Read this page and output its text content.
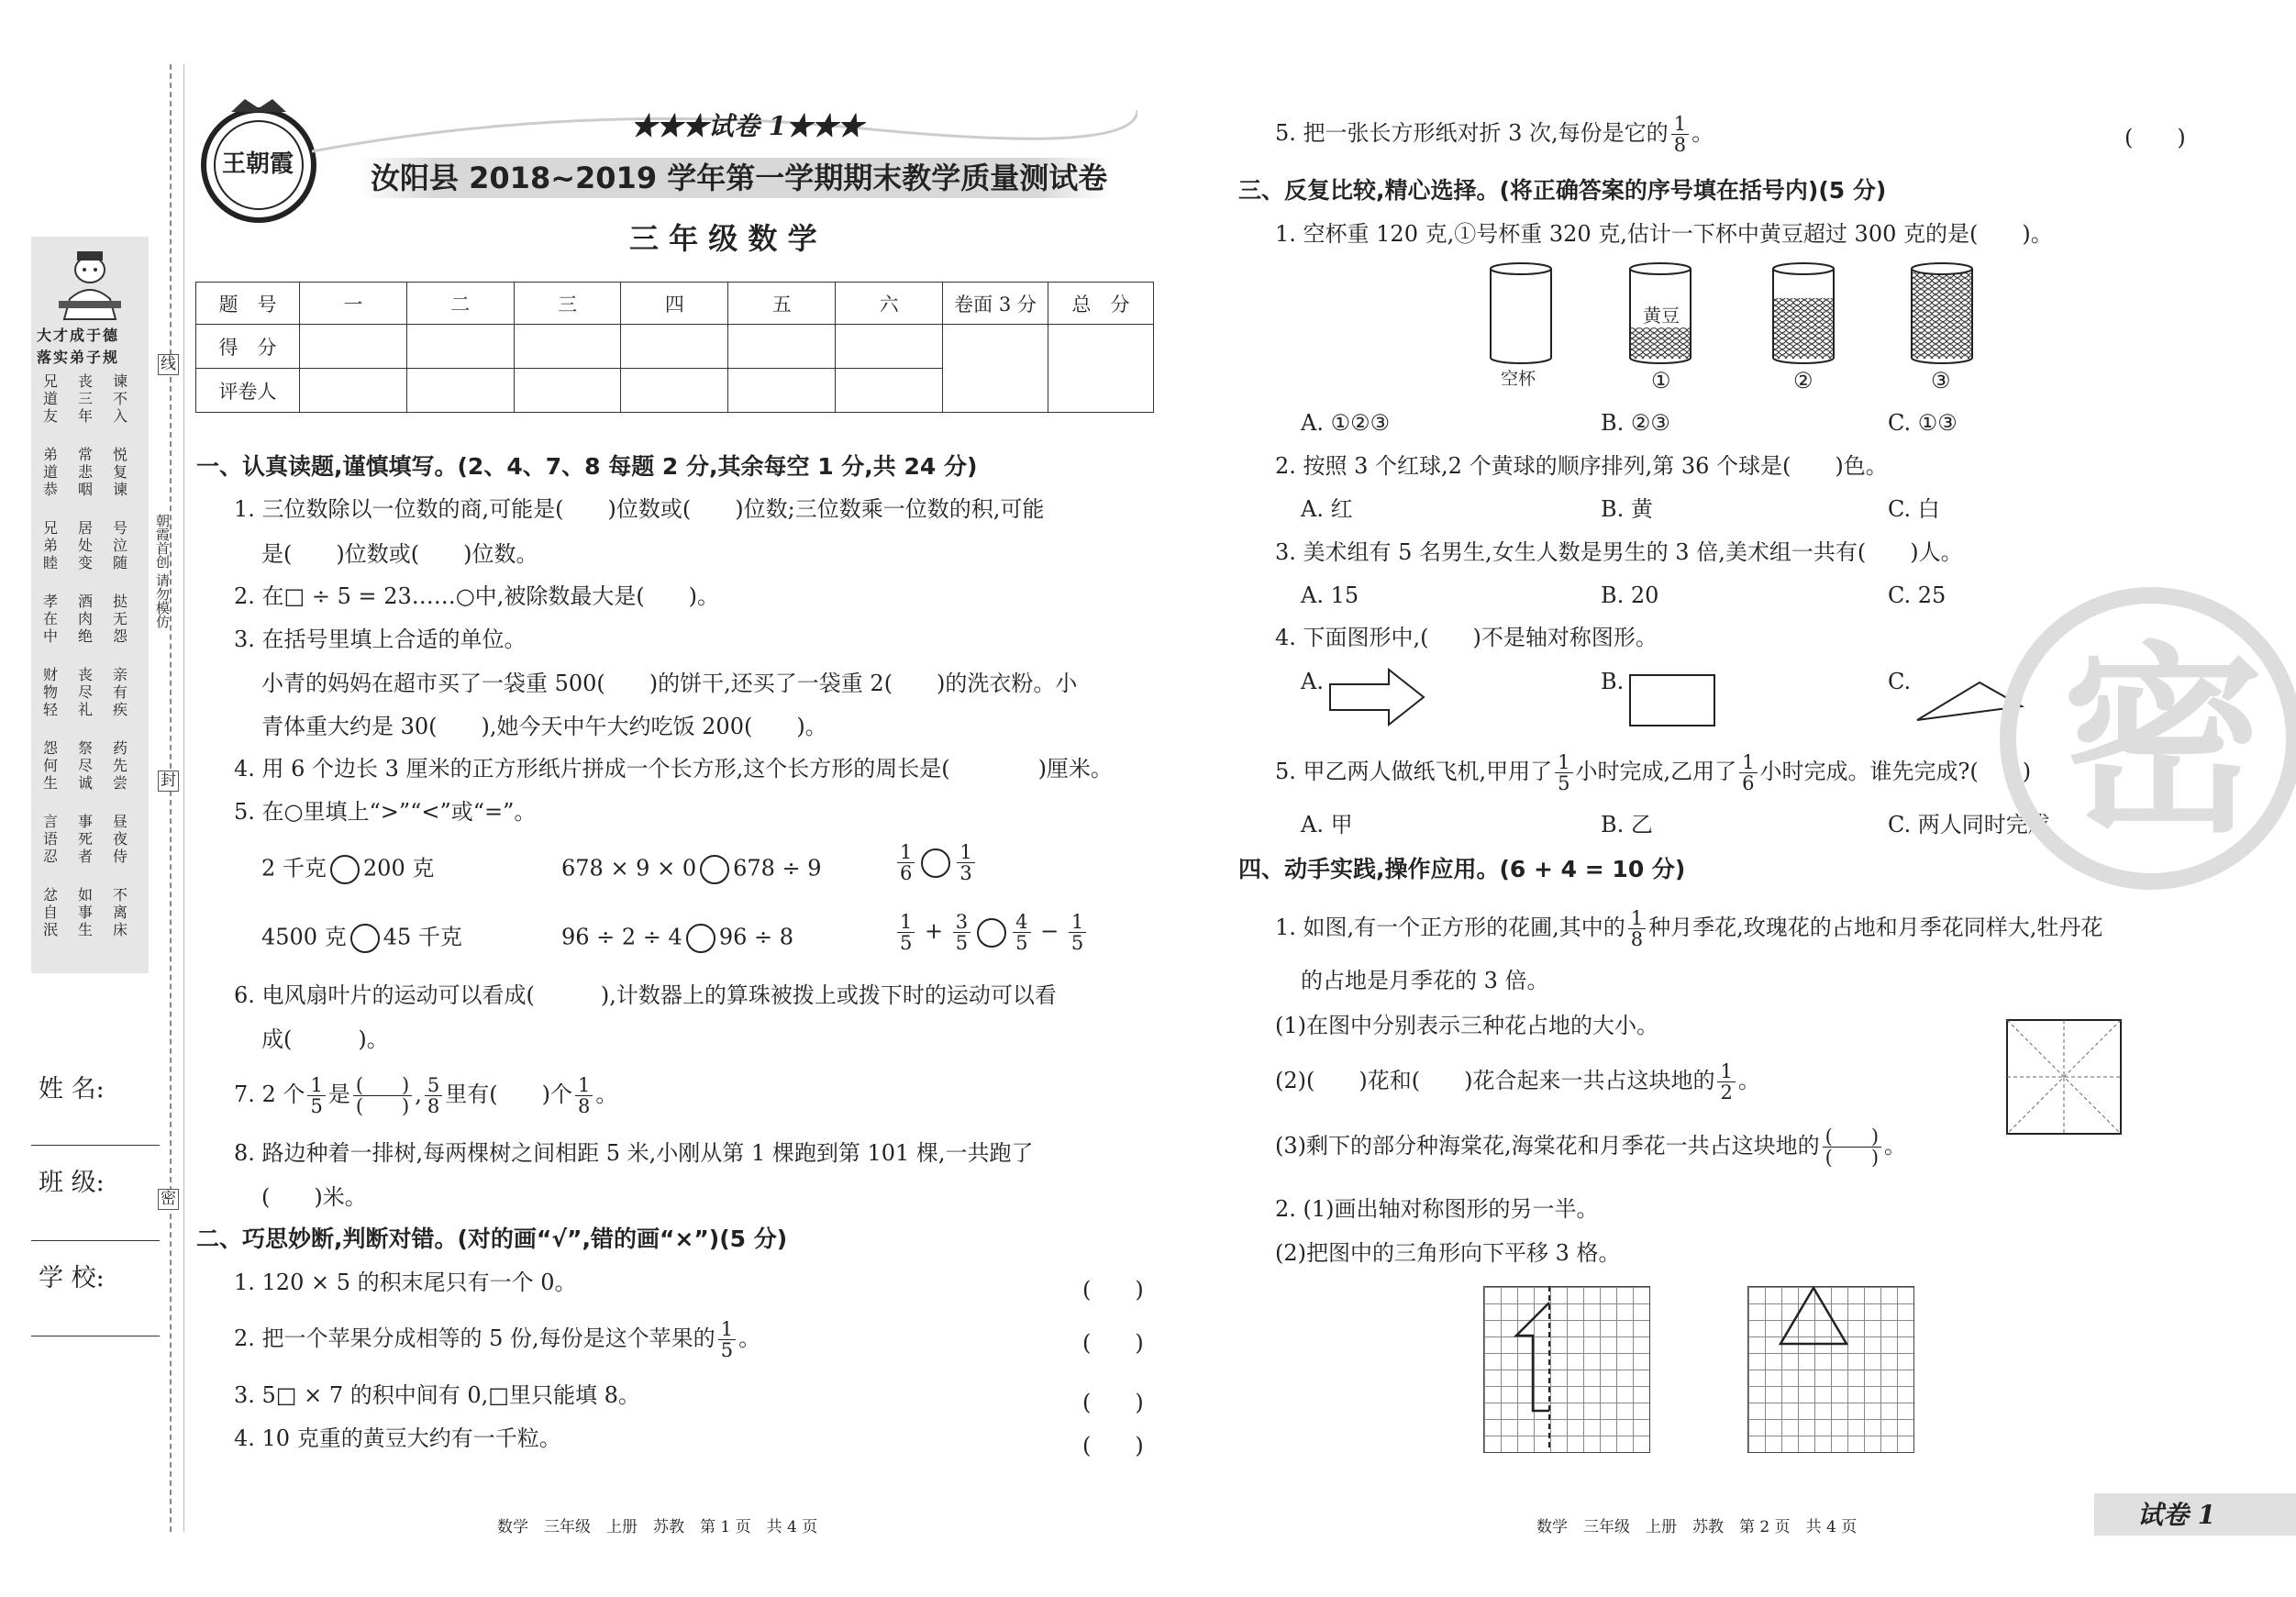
大才成于德
落实弟子规
兄道友
丧三年
谏不入
弟道恭
常悲咽
悦复谏
兄弟睦
居处变
号泣随
孝在中
酒肉绝
挞无怨
财物轻
丧尽礼
亲有疾
怨何生
祭尽诚
药先尝
言语忍
事死者
昼夜侍
忿自泯
如事生
不离床
线
封
密
朝霞首创 请勿模仿
姓 名:
班 级:
学 校:
王朝霞
★★★试卷 1★★★
汝阳县 2018~2019 学年第一学期期末教学质量测试卷
三 年 级 数 学
题　号	一	二	三	四	五	六	卷面 3 分	总　分
得　分								
评卷人								
一、认真读题,谨慎填写。(2、4、7、8 每题 2 分,其余每空 1 分,共 24 分)
1. 三位数除以一位数的商,可能是(　　)位数或(　　)位数;三位数乘一位数的积,可能
是(　　)位数或(　　)位数。
2. 在□ ÷ 5 = 23……○中,被除数最大是(　　)。
3. 在括号里填上合适的单位。
小青的妈妈在超市买了一袋重 500(　　)的饼干,还买了一袋重 2(　　)的洗衣粉。小
青体重大约是 30(　　),她今天中午大约吃饭 200(　　)。
4. 用 6 个边长 3 厘米的正方形纸片拼成一个长方形,这个长方形的周长是(　　　　)厘米。
5. 在○里填上“>”“<”或“=”。
2 千克 200 克	678 × 9 × 0 678 ÷ 9	$\frac{1}{6} \frac{1}{3}$
4500 克 45 千克	96 ÷ 2 ÷ 4 96 ÷ 8	$\frac{1}{5} + \frac{3}{5} \frac{4}{5} - \frac{1}{5}$
6. 电风扇叶片的运动可以看成(　　　),计数器上的算珠被拨上或拨下时的运动可以看
成(　　　)。
7. 2 个 $\frac{1}{5}$ 是 $\frac{( )}{( )}$ , $\frac{5}{8}$ 里有(　　)个 $\frac{1}{8}$ 。
8. 路边种着一排树,每两棵树之间相距 5 米,小刚从第 1 棵跑到第 101 棵,一共跑了
(　　)米。
二、巧思妙断,判断对错。(对的画“√”,错的画“×”)(5 分)
1. 120 × 5 的积末尾只有一个 0。	(　　)
2. 把一个苹果分成相等的 5 份,每份是这个苹果的 $\frac{1}{5}$ 。	(　　)
3. 5□ × 7 的积中间有 0,□里只能填 8。	(　　)
4. 10 克重的黄豆大约有一千粒。	(　　)
数学　三年级　上册　苏教　第 1 页　共 4 页
5. 把一张长方形纸对折 3 次,每份是它的 $\frac{1}{8}$ 。	(　　)
三、反复比较,精心选择。(将正确答案的序号填在括号内)(5 分)
1. 空杯重 120 克,①号杯重 320 克,估计一下杯中黄豆超过 300 克的是(　　)。
黄豆
空杯	①	②	③
A. ①②③	B. ②③	C. ①③
2. 按照 3 个红球,2 个黄球的顺序排列,第 36 个球是(　　)色。
A. 红	B. 黄	C. 白
3. 美术组有 5 名男生,女生人数是男生的 3 倍,美术组一共有(　　)人。
A. 15	B. 20	C. 25
4. 下面图形中,(　　)不是轴对称图形。
A.	B.	C.
5. 甲乙两人做纸飞机,甲用了 $\frac{1}{5}$ 小时完成,乙用了 $\frac{1}{6}$ 小时完成。谁先完成?(　　)
A. 甲	B. 乙	C. 两人同时完成
四、动手实践,操作应用。(6 + 4 = 10 分)
1. 如图,有一个正方形的花圃,其中的 $\frac{1}{8}$ 种月季花,玫瑰花的占地和月季花同样大,牡丹花
的占地是月季花的 3 倍。
(1)在图中分别表示三种花占地的大小。
(2)(　　)花和(　　)花合起来一共占这块地的 $\frac{1}{2}$ 。
(3)剩下的部分种海棠花,海棠花和月季花一共占这块地的 $\frac{( )}{( )}$ 。
2. (1)画出轴对称图形的另一半。
(2)把图中的三角形向下平移 3 格。
密
数学　三年级　上册　苏教　第 2 页　共 4 页	试卷 1
